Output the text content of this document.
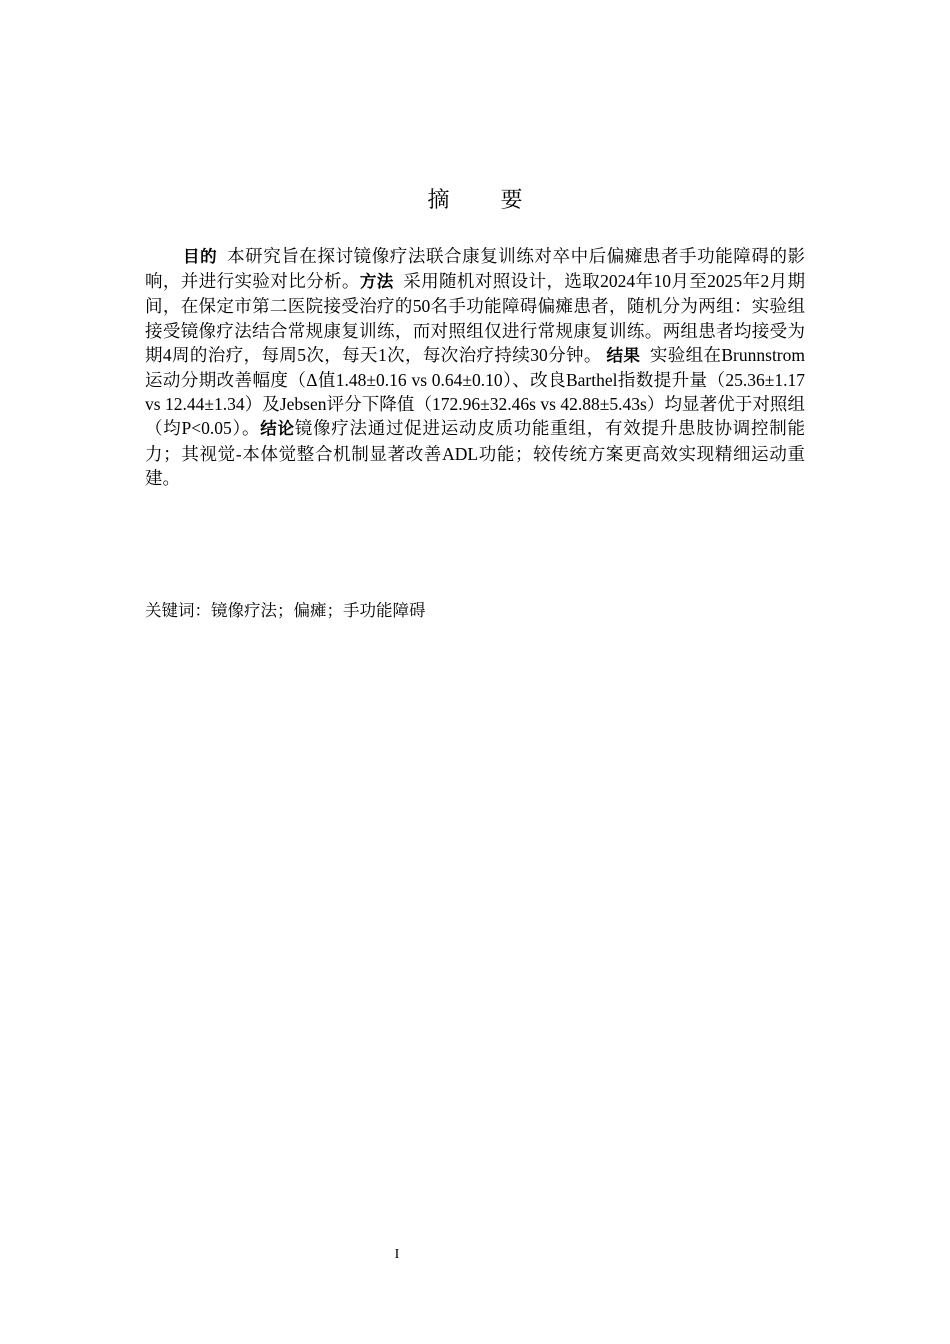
摘 要

目的 本研究旨在探讨镜像疗法联合康复训练对卒中后偏瘫患者手功能障碍的影响，并进行实验对比分析。方法 采用随机对照设计，选取2024年10月至2025年2月期间，在保定市第二医院接受治疗的50名手功能障碍偏瘫患者，随机分为两组：实验组接受镜像疗法结合常规康复训练，而对照组仅进行常规康复训练。两组患者均接受为期4周的治疗，每周5次，每天1次，每次治疗持续30分钟。 结果 实验组在Brunnstrom运动分期改善幅度（Δ值1.48±0.16 vs 0.64±0.10）、改良Barthel指数提升量（25.36±1.17 vs 12.44±1.34）及Jebsen评分下降值（172.96±32.46s vs 42.88±5.43s）均显著优于对照组（均P<0.05）。结论镜像疗法通过促进运动皮质功能重组，有效提升患肢协调控制能力；其视觉-本体觉整合机制显著改善ADL功能；较传统方案更高效实现精细运动重建。

关键词：镜像疗法；偏瘫；手功能障碍
I
